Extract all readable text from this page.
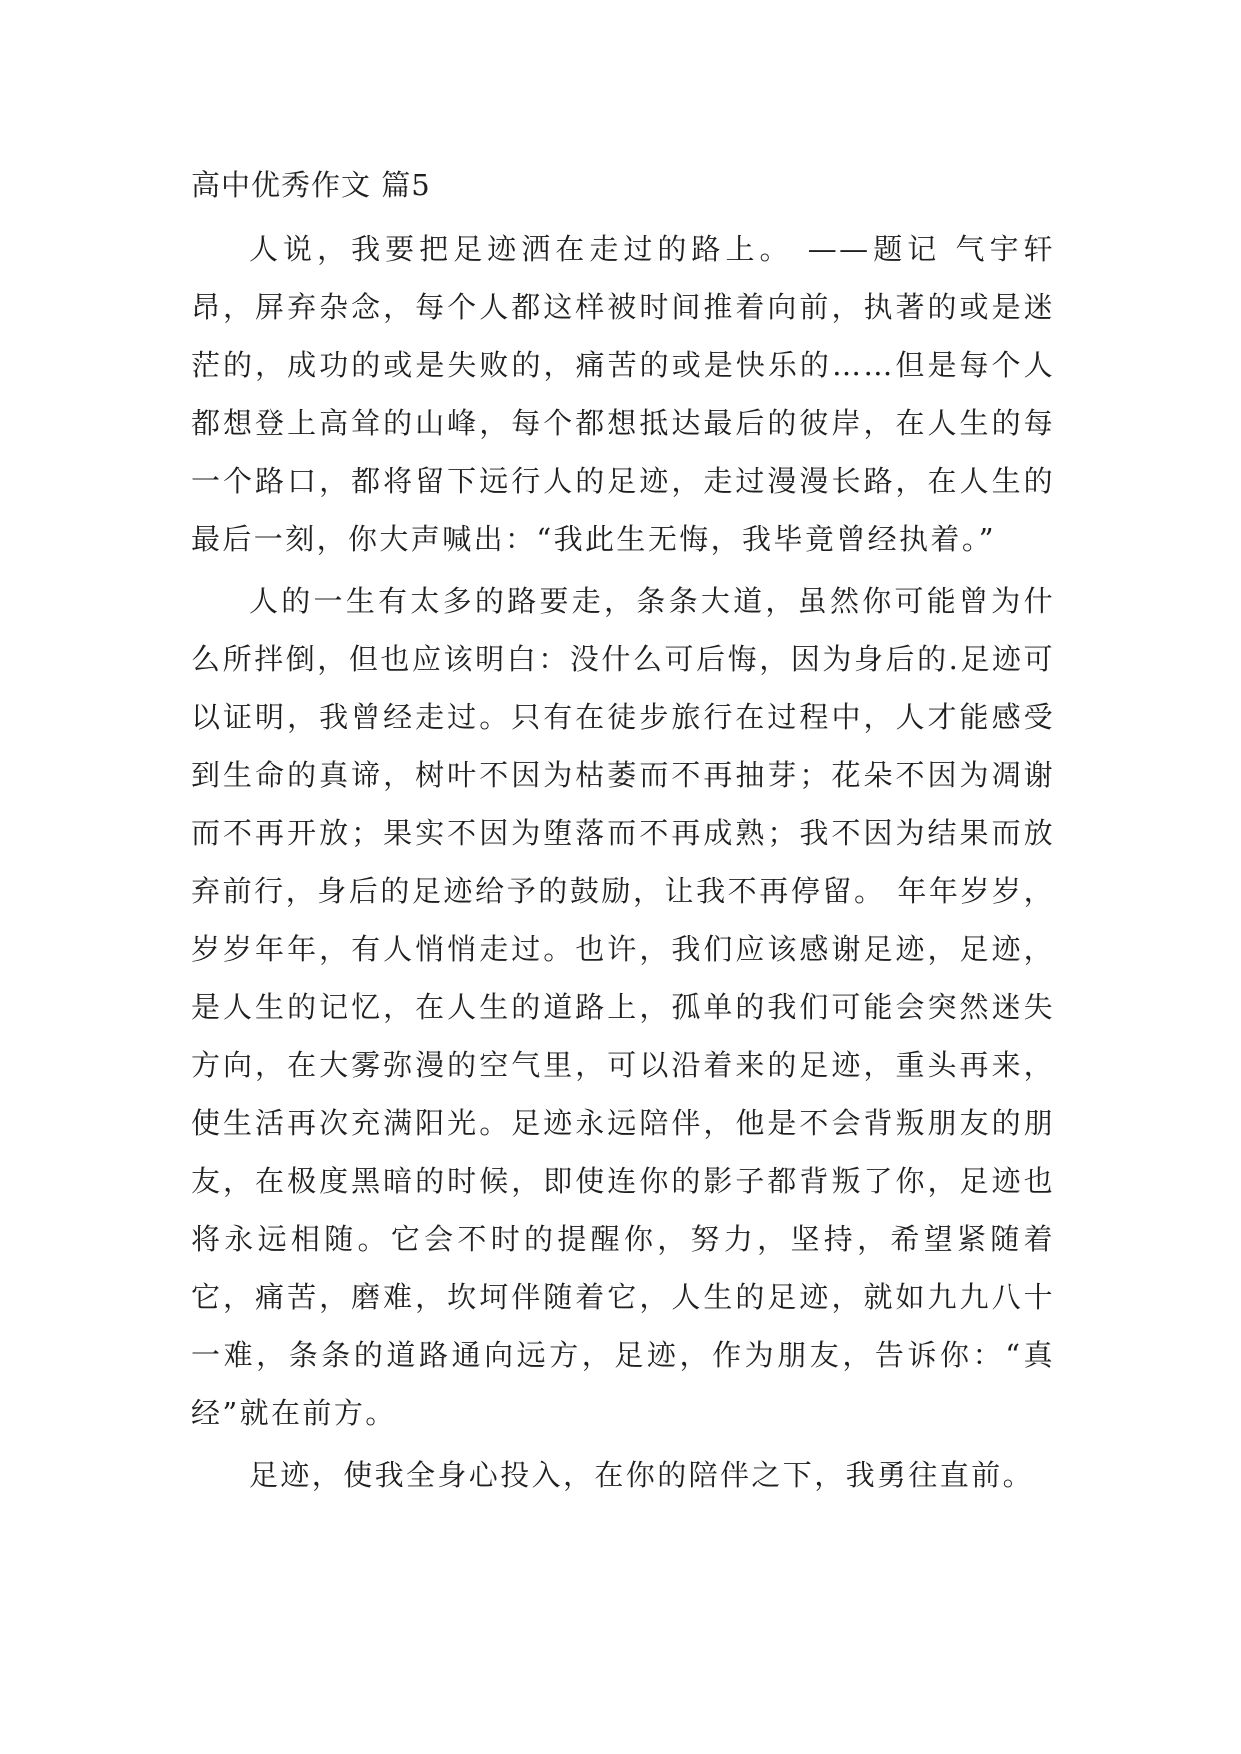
高中优秀作文 篇5

人说，我要把足迹洒在走过的路上。 ——题记 气宇轩昂，屏弃杂念，每个人都这样被时间推着向前，执著的或是迷茫的，成功的或是失败的，痛苦的或是快乐的……但是每个人都想登上高耸的山峰，每个都想抵达最后的彼岸，在人生的每一个路口，都将留下远行人的足迹，走过漫漫长路，在人生的最后一刻，你大声喊出：“我此生无悔，我毕竟曾经执着。”

人的一生有太多的路要走，条条大道，虽然你可能曾为什么所拌倒，但也应该明白：没什么可后悔，因为身后的.足迹可以证明，我曾经走过。只有在徒步旅行在过程中，人才能感受到生命的真谛，树叶不因为枯萎而不再抽芽；花朵不因为凋谢而不再开放；果实不因为堕落而不再成熟；我不因为结果而放弃前行，身后的足迹给予的鼓励，让我不再停留。 年年岁岁，岁岁年年，有人悄悄走过。也许，我们应该感谢足迹，足迹，是人生的记忆，在人生的道路上，孤单的我们可能会突然迷失方向，在大雾弥漫的空气里，可以沿着来的足迹，重头再来，使生活再次充满阳光。足迹永远陪伴，他是不会背叛朋友的朋友，在极度黑暗的时候，即使连你的影子都背叛了你，足迹也将永远相随。它会不时的提醒你，努力，坚持，希望紧随着它，痛苦，磨难，坎坷伴随着它，人生的足迹，就如九九八十一难，条条的道路通向远方，足迹，作为朋友，告诉你：“真经”就在前方。

足迹，使我全身心投入，在你的陪伴之下，我勇往直前。
